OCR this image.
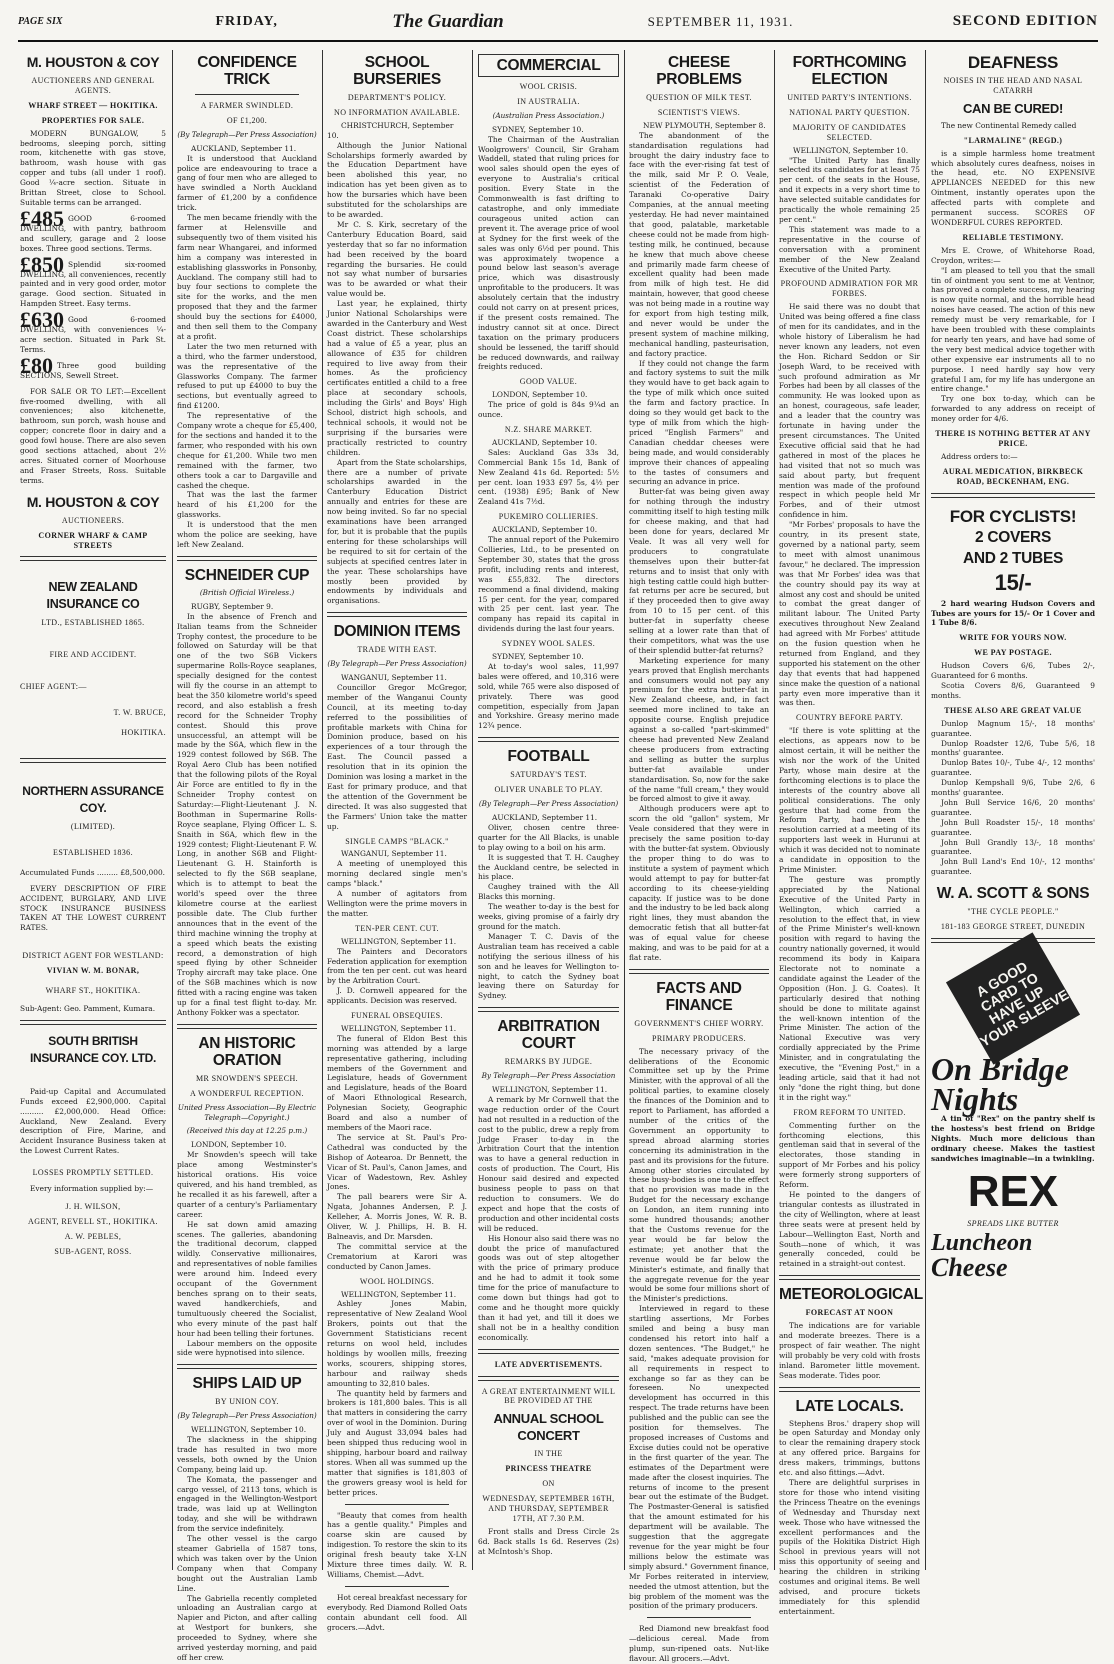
PAGE SIX	FRIDAY,	The Guardian	SEPTEMBER 11, 1931.	SECOND EDITION
M. HOUSTON & COY
AUCTIONEERS AND GENERAL AGENTS.
WHARF STREET — HOKITIKA.
PROPERTIES FOR SALE.

MODERN BUNGALOW, 5 bedrooms, sleeping porch, sitting room, kitchenette with gas stove, bathroom, wash house with gas copper and tubs (all under 1 roof). Good ¼-acre section. Situate in Brittan Street, close to School. Suitable terms can be arranged.

£485 GOOD 6-roomed DWELLING, with pantry, bathroom and scullery, garage and 2 loose boxes. Three good sections. Terms.

£850 Splendid six-roomed DWELLING, all conveniences, recently painted and in very good order, motor garage. Good section. Situated in Hampden Street. Easy terms.

£630 Good 6-roomed DWELLING, with conveniences ¼-acre section. Situated in Park St. Terms.

£80 Three good building SECTIONS, Sewell Street.

FOR SALE OR TO LET:—Excellent five-roomed dwelling, with all conveniences; also kitchenette, bathroom, sun porch, wash house and copper; concrete floor in dairy and a good fowl house. There are also seven good sections attached, about 2½ acres. Situated corner of Moorhouse and Fraser Streets, Ross. Suitable terms.

M. HOUSTON & COY
AUCTIONEERS.
CORNER WHARF & CAMP STREETS
NEW ZEALAND INSURANCE CO
LTD., ESTABLISHED 1865.
FIRE AND ACCIDENT.
CHIEF AGENT:—
T. W. BRUCE,
HOKITIKA.
NORTHERN ASSURANCE COY.
(LIMITED).
ESTABLISHED 1836.

Accumulated Funds ......... £8,500,000.

EVERY DESCRIPTION OF FIRE ACCIDENT, BURGLARY, AND LIVE STOCK INSURANCE BUSINESS TAKEN AT THE LOWEST CURRENT RATES.

DISTRICT AGENT FOR WESTLAND:
VIVIAN W. M. BONAR,
WHARF ST., HOKITIKA.

Sub-Agent: Geo. Pamment, Kumara.

SOUTH BRITISH INSURANCE COY. LTD.

Paid-up Capital and Accumulated Funds exceed £2,900,000. Capital .......... £2,000,000. Head Office: Auckland, New Zealand. Every description of Fire, Marine, and Accident Insurance Business taken at the Lowest Current Rates.

LOSSES PROMPTLY SETTLED.

Every information supplied by:—

J. H. WILSON,
AGENT, REVELL ST., HOKITIKA.
A. W. PEBLES,
SUB-AGENT, ROSS.
CONFIDENCE TRICK
A FARMER SWINDLED.
OF £1,200.
(By Telegraph—Per Press Association)
AUCKLAND, September 11.

It is understood that Auckland police are endeavouring to trace a gang of four men who are alleged to have swindled a North Auckland farmer of £1,200 by a confidence trick.

The men became friendly with the farmer at Helensville and subsequently two of them visited his farm near Whangarei, and informed him a company was interested in establishing glassworks in Ponsonby, Auckland. The company still had to buy four sections to complete the site for the works, and the men proposed that they and the farmer should buy the sections for £4000, and then sell them to the Company at a profit.

Later the two men returned with a third, who the farmer understood, was the representative of the Glassworks Company. The farmer refused to put up £4000 to buy the sections, but eventually agreed to find £1200.

The representative of the Company wrote a cheque for £5,400, for the sections and handed it to the farmer, who responded with his own cheque for £1,200. While two men remained with the farmer, two others took a car to Dargaville and cashed the cheque.

That was the last the farmer heard of his £1,200 for the glassworks.

It is understood that the men whom the police are seeking, have left New Zealand.

SCHNEIDER CUP
(British Official Wireless.)
RUGBY, September 9.

In the absence of French and Italian teams from the Schneider Trophy contest, the procedure to be followed on Saturday will be that one of the two S6B Vickers supermarine Rolls-Royce seaplanes, specially designed for the contest will fly the course in an attempt to beat the 350 kilometre world's speed record, and also establish a fresh record for the Schneider Trophy contest. Should this prove unsuccessful, an attempt will be made by the S6A, which flew in the 1929 contest followed by S6B. The Royal Aero Club has been notified that the following pilots of the Royal Air Force are entitled to fly in the Schneider Trophy contest on Saturday:—Flight-Lieutenant J. N. Boothman in Supermarine Rolls-Royce seaplane, Flying Officer L. S. Snaith in S6A, which flew in the 1929 contest; Flight-Lieutenant F. W. Long, in another S6B and Flight-Lieutenant G. H. Stainforth is selected to fly the S6B seaplane, which is to attempt to beat the world's speed over the three kilometre course at the earliest possible date. The Club further announces that in the event of the third machine winning the trophy at a speed which beats the existing record, a demonstration of high speed flying by other Schneider Trophy aircraft may take place. One of the S6B machines which is now fitted with a racing engine was taken up for a final test flight to-day. Mr. Anthony Fokker was a spectator.

AN HISTORIC ORATION
MR SNOWDEN'S SPEECH.
A WONDERFUL RECEPTION.
United Press Association—By Electric Telegraph—Copyright.)
(Received this day at 12.25 p.m.)
LONDON, September 10.

Mr Snowden's speech will take place among Westminster's historical orations. His voice quivered, and his hand trembled, as he recalled it as his farewell, after a quarter of a century's Parliamentary career.

He sat down amid amazing scenes. The galleries, abandoning the traditional decorum, clapped wildly. Conservative millionaires, and representatives of noble families were around him. Indeed every occupant of the Government benches sprang on to their seats, waved handkerchiefs, and tumultuously cheered the Socialist, who every minute of the past half hour had been telling their fortunes.

Labour members on the opposite side were hypnotised into silence.

SHIPS LAID UP
BY UNION COY.
(By Telegraph—Per Press Association)
WELLINGTON, September 10.

The slackness in the shipping trade has resulted in two more vessels, both owned by the Union Company, being laid up.

The Komata, the passenger and cargo vessel, of 2113 tons, which is engaged in the Wellington-Westport trade, was laid up at Wellington today, and she will be withdrawn from the service indefinitely.

The other vessel is the cargo steamer Gabriella of 1587 tons, which was taken over by the Union Company when that Company bought out the Australian Lamb Line.

The Gabriella recently completed unloading an Australian cargo at Napier and Picton, and after calling at Westport for bunkers, she proceeded to Sydney, where she arrived yesterday morning, and paid off her crew.

SCHOOL BURSERIES
DEPARTMENT'S POLICY.
NO INFORMATION AVAILABLE.
CHRISTCHURCH, September 10.

Although the Junior National Scholarships formerly awarded by the Education Department have been abolished this year, no indication has yet been given as to how the bursaries which have been substituted for the scholarships are to be awarded.

Mr C. S. Kirk, secretary of the Canterbury Education Board, said yesterday that so far no information had been received by the board regarding the bursaries. He could not say what number of bursaries was to be awarded or what their value would be.

Last year, he explained, thirty Junior National Scholarships were awarded in the Canterbury and West Coast district. These scholarships had a value of £5 a year, plus an allowance of £35 for children required to live away from their homes. As the proficiency certificates entitled a child to a free place at secondary schools, including the Girls' and Boys' High School, district high schools, and technical schools, it would not be surprising if the bursaries were practically restricted to country children.

Apart from the State scholarships, there are a number of private scholarships awarded in the Canterbury Education District annually and entries for these are now being invited. So far no special examinations have been arranged for, but it is probable that the pupils entering for these scholarships will be required to sit for certain of the subjects at specified centres later in the year. These scholarships have mostly been provided by endowments by individuals and organisations.

DOMINION ITEMS
TRADE WITH EAST.
(By Telegraph—Per Press Association)
WANGANUI, September 11.

Councillor Gregor McGregor, member of the Wanganui County Council, at its meeting to-day referred to the possibilities of profitable markets with China for Dominion produce, based on his experiences of a tour through the East. The Council passed a resolution that in its opinion the Dominion was losing a market in the East for primary produce, and that the attention of the Government be directed. It was also suggested that the Farmers' Union take the matter up.

SINGLE CAMPS "BLACK."
WANGANUI, September 11.

A meeting of unemployed this morning declared single men's camps "black."

A number of agitators from Wellington were the prime movers in the matter.

TEN-PER CENT. CUT.
WELLINGTON, September 11.

The Painters and Decorators Federation application for exemption from the ten per cent. cut was heard by the Arbitration Court.

J. D. Cornwell appeared for the applicants. Decision was reserved.

FUNERAL OBSEQUIES.
WELLINGTON, September 11.

The funeral of Eldon Best this morning was attended by a large representative gathering, including members of the Government and Legislature, heads of Government and Legislature, heads of the Board of Maori Ethnological Research, Polynesian Society, Geographic Board and also a number of members of the Maori race.

The service at St. Paul's Pro-Cathedral was conducted by the Bishop of Aotearoa. Dr Bennett, the Vicar of St. Paul's, Canon James, and Vicar of Wadestown, Rev. Ashley Jones.

The pall bearers were Sir A. Ngata, Johannes Andersen, P. J. Kelleher, A. Morris Jones, W. R. B. Oliver, W. J. Phillips, H. B. H. Balneavis, and Dr. Marsden.

The committal service at the Crematorium at Karori was conducted by Canon James.

WOOL HOLDINGS.
WELLINGTON, September 11.

Ashley Jones Mabin, representative of New Zealand Wool Brokers, points out that the Government Statisticians recent returns on wool held, includes holdings by woollen mills, freezing works, scourers, shipping stores, harbour and railway sheds amounting to 32,810 bales.

The quantity held by farmers and brokers is 181,800 bales. This is all that matters in considering the carry over of wool in the Dominion. During July and August 33,094 bales had been shipped thus reducing wool in shipping, harbour board and railway stores. When all was summed up the matter that signifies is 181,803 of the growers greasy wool is held for better prices.

"Beauty that comes from health has a gentle quality." Pimples and coarse skin are caused by indigestion. To restore the skin to its original fresh beauty take X-LN Mixture three times daily. W. R. Williams, Chemist.—Advt.

Hot cereal breakfast necessary for everybody. Red Diamond Rolled Oats contain abundant cell food. All grocers.—Advt.

COMMERCIAL
WOOL CRISIS.
IN AUSTRALIA.
(Australian Press Association.)
SYDNEY, September 10.

The Chairman of the Australian Woolgrowers' Council, Sir Graham Waddell, stated that ruling prices for wool sales should open the eyes of everyone to Australia's critical position. Every State in the Commonwealth is fast drifting to catastrophe, and only immediate courageous united action can prevent it. The average price of wool at Sydney for the first week of the sales was only 6½d per pound. This was approximately twopence a pound below last season's average price, which was disastrously unprofitable to the producers. It was absolutely certain that the industry could not carry on at present prices, if the present costs remained. The industry cannot sit at once. Direct taxation on the primary producers should be lessened, the tariff should be reduced downwards, and railway freights reduced.

GOOD VALUE.
LONDON, September 10.

The price of gold is 84s 9¼d an ounce.

N.Z. SHARE MARKET.
AUCKLAND, September 10.

Sales: Auckland Gas 33s 3d, Commercial Bank 15s 1d, Bank of New Zealand 41s 6d. Reported: 5½ per cent. loan 1933 £97 5s, 4½ per cent. (1938) £95; Bank of New Zealand 41s 7½d.

PUKEMIRO COLLIERIES.
AUCKLAND, September 10.

The annual report of the Pukemiro Collieries, Ltd., to be presented on September 30, states that the gross profit, including rents and interest, was £55,832. The directors recommend a final dividend, making 15 per cent. for the year, compared with 25 per cent. last year. The company has repaid its capital in dividends during the last four years.

SYDNEY WOOL SALES.
SYDNEY, September 10.

At to-day's wool sales, 11,997 bales were offered, and 10,316 were sold, while 765 were also disposed of privately. There was good competition, especially from Japan and Yorkshire. Greasy merino made 12¾ pence.

FOOTBALL
SATURDAY'S TEST.
OLIVER UNABLE TO PLAY.
(By Telegraph—Per Press Association)
AUCKLAND, September 11.

Oliver, chosen centre three-quarter for the All Blacks, is unable to play owing to a boil on his arm.

It is suggested that T. H. Caughey the Auckland centre, be selected in his place.

Caughey trained with the All Blacks this morning.

The weather to-day is the best for weeks, giving promise of a fairly dry ground for the match.

Manager T. C. Davis of the Australian team has received a cable notifying the serious illness of his son and he leaves for Wellington to-night, to catch the Sydney boat leaving there on Saturday for Sydney.

ARBITRATION COURT
REMARKS BY JUDGE.
By Telegraph—Per Press Association
WELLINGTON, September 11.

A remark by Mr Cornwell that the wage reduction order of the Court had not resulted in a reduction of the cost to the public, drew a reply from Judge Fraser to-day in the Arbitration Court that the intention was to have a general reduction in costs of production. The Court, His Honour said desired and expected business people to pass on that reduction to consumers. We do expect and hope that the costs of production and other incidental costs will be reduced.

His Honour also said there was no doubt the price of manufactured goods was out of step altogether with the price of primary produce and he had to admit it took some time for the price of manufacture to come down but things had got to come and he thought more quickly than it had yet, and till it does we shall not be in a healthy condition economically.

LATE ADVERTISEMENTS.
A GREAT ENTERTAINMENT WILL BE PROVIDED AT THE
ANNUAL SCHOOL CONCERT
IN THE
PRINCESS THEATRE
ON
WEDNESDAY, SEPTEMBER 16TH, AND THURSDAY, SEPTEMBER 17TH, AT 7.30 P.M.

Front stalls and Dress Circle 2s 6d. Back stalls 1s 6d. Reserves (2s) at McIntosh's Shop.

CHEESE PROBLEMS
QUESTION OF MILK TEST.
SCIENTIST'S VIEWS.
NEW PLYMOUTH, September 8.

The abandonment of the standardisation regulations had brought the dairy industry face to face with the ever-rising fat test of the milk, said Mr P. O. Veale, scientist of the Federation of Taranaki Co-operative Dairy Companies, at the annual meeting yesterday. He had never maintained that good, palatable, marketable cheese could not be made from high-testing milk, he continued, because he knew that much above cheese and primarily made farm cheese of excellent quality had been made from milk of high test. He did maintain, however, that good cheese was not being made in a routine way for export from high testing milk, and never would be under the present system of machine milking, mechanical handling, pasteurisation, and factory practice.

If they could not change the farm and factory systems to suit the milk they would have to get back again to the type of milk which once suited the farm and factory practice. In doing so they would get back to the type of milk from which the high-priced "English Farmers" and Canadian cheddar cheeses were being made, and would considerably improve their chances of appealing to the tastes of consumers and securing an advance in price.

Butter-fat was being given away for nothing through the industry committing itself to high testing milk for cheese making, and that had been done for years, declared Mr Veale. It was all very well for producers to congratulate themselves upon their butter-fat returns and to insist that only with high testing cattle could high butter-fat returns per acre be secured, but if they proceeded then to give away from 10 to 15 per cent. of this butter-fat in superfatty cheese selling at a lower rate than that of their competitors, what was the use of their splendid butter-fat returns?

Marketing experience for many years proved that English merchants and consumers would not pay any premium for the extra butter-fat in New Zealand cheese, and, in fact seemed more inclined to take an opposite course. English prejudice against a so-called "part-skimmed" cheese had prevented New Zealand cheese producers from extracting and selling as butter the surplus butter-fat available under standardisation. So, now for the sake of the name "full cream," they would be forced almost to give it away.

Although producers were apt to scorn the old "gallon" system, Mr Veale considered that they were in precisely the same position to-day with the butter-fat system. Obviously the proper thing to do was to institute a system of payment which would attempt to pay for butter-fat according to its cheese-yielding capacity. If justice was to be done and the industry to be led back along right lines, they must abandon the democratic fetish that all butter-fat was of equal value for cheese making, and was to be paid for at a flat rate.

FACTS AND FINANCE
GOVERNMENT'S CHIEF WORRY.
PRIMARY PRODUCERS.

The necessary privacy of the deliberations of the Economic Committee set up by the Prime Minister, with the approval of all the political parties, to examine closely the finances of the Dominion and to report to Parliament, has afforded a number of the critics of the Government an opportunity to spread abroad alarming stories concerning its administration in the past and its provisions for the future. Among other stories circulated by these busy-bodies is one to the effect that no provision was made in the Budget for the necessary exchange on London, an item running into some hundred thousands; another that the Customs revenue for the year would be far below the estimate; yet another that the revenue would be far below the Minister's estimate, and finally that the aggregate revenue for the year would be some four millions short of the Minister's predictions.

Interviewed in regard to these startling assertions, Mr Forbes smiled and being a busy man condensed his retort into half a dozen sentences. "The Budget," he said, "makes adequate provision for all requirements in respect to exchange so far as they can be foreseen. No unexpected development has occurred in this respect. The trade returns have been published and the public can see the position for themselves. The proposed increases of Customs and Excise duties could not be operative in the first quarter of the year. The estimates of the Department were made after the closest inquiries. The returns of income to the present bear out the estimate of the Budget. The Postmaster-General is satisfied that the amount estimated for his department will be available. The suggestion that the aggregate revenue for the year might be four millions below the estimate was simply absurd." Government finance, Mr Forbes reiterated in interview, needed the utmost attention, but the big problem of the moment was the position of the primary producers.

Red Diamond new breakfast food—delicious cereal. Made from plump, sun-ripened oats. Nut-like flavour. All grocers.—Advt.

FORTHCOMING ELECTION
UNITED PARTY'S INTENTIONS.
NATIONAL PARTY QUESTION.
MAJORITY OF CANDIDATES SELECTED.
WELLINGTON, September 10.

"The United Party has finally selected its candidates for at least 75 per cent. of the seats in the House, and it expects in a very short time to have selected suitable candidates for practically the whole remaining 25 per cent."

This statement was made to a representative in the course of conversation with a prominent member of the New Zealand Executive of the United Party.

PROFOUND ADMIRATION FOR MR FORBES.

He said there was no doubt that United was being offered a fine class of men for its candidates, and in the whole history of Liberalism he had never known any leaders, not even the Hon. Richard Seddon or Sir Joseph Ward, to be received with such profound admiration as Mr Forbes had been by all classes of the community. He was looked upon as an honest, courageous, safe leader, and a leader that the country was fortunate in having under the present circumstances. The United Executive official said that he had gathered in most of the places he had visited that not so much was said about party, but frequent mention was made of the profound respect in which people held Mr Forbes, and of their utmost confidence in him.

"Mr Forbes' proposals to have the country, in its present state, governed by a national party, seem to meet with almost unanimous favour," he declared. The impression was that Mr Forbes' idea was that the country should pay its way at almost any cost and should be united to combat the great danger of militant labour. The United Party executives throughout New Zealand had agreed with Mr Forbes' attitude on the fusion question when he returned from England, and they supported his statement on the other day that events that had happened since make the question of a national party even more imperative than it was then.

COUNTRY BEFORE PARTY.

"If there is vote splitting at the elections, as appears now to be almost certain, it will be neither the wish nor the work of the United Party, whose main desire at the forthcoming elections is to place the interests of the country above all political considerations. The only gesture that had come from the Reform Party, had been the resolution carried at a meeting of its supporters last week in Hurunui at which it was decided not to nominate a candidate in opposition to the Prime Minister.

The gesture was promptly appreciated by the National Executive of the United Party in Wellington, which carried a resolution to the effect that, in view of the Prime Minister's well-known position with regard to having the country nationally governed, it would recommend its body in Kaipara Electorate not to nominate a candidate against the Leader of the Opposition (Hon. J. G. Coates). It particularly desired that nothing should be done to militate against the well-known intention of the Prime Minister. The action of the National Executive was very cordially appreciated by the Prime Minister, and in congratulating the executive, the "Evening Post," in a leading article, said that it had not only "done the right thing, but done it in the right way."

FROM REFORM TO UNITED.

Commenting further on the forthcoming elections, this gentleman said that in several of the electorates, those standing in support of Mr Forbes and his policy were formerly strong supporters of Reform.

He pointed to the dangers of triangular contests as illustrated in the city of Wellington, where at least three seats were at present held by Labour—Wellington East, North and South—none of which, it was generally conceded, could be retained in a straight-out contest.

METEOROLOGICAL
FORECAST AT NOON

The indications are for variable and moderate breezes. There is a prospect of fair weather. The night will probably be very cold with frosts inland. Barometer little movement. Seas moderate. Tides poor.

LATE LOCALS.

Stephens Bros.' drapery shop will be open Saturday and Monday only to clear the remaining drapery stock at any offered price. Bargains for dress makers, trimmings, buttons etc. and also fittings.—Advt.

There are delightful surprises in store for those who intend visiting the Princess Theatre on the evenings of Wednesday and Thursday next week. Those who have witnessed the excellent performances and the pupils of the Hokitika District High School in previous years will not miss this opportunity of seeing and hearing the children in striking costumes and original items. Be well advised, and procure tickets immediately for this splendid entertainment.

DEAFNESS
NOISES IN THE HEAD AND NASAL CATARRH
CAN BE CURED!

The new Continental Remedy called

"LARMALINE" (REGD.)

is a simple harmless home treatment which absolutely cures deafness, noises in the head, etc. NO EXPENSIVE APPLIANCES NEEDED for this new Ointment, instantly operates upon the affected parts with complete and permanent success. SCORES OF WONDERFUL CURES REPORTED.

RELIABLE TESTIMONY.

Mrs E. Crowe, of Whitehorse Road, Croydon, writes:—

"I am pleased to tell you that the small tin of ointment you sent to me at Ventnor, has proved a complete success, my hearing is now quite normal, and the horrible head noises have ceased. The action of this new remedy must be very remarkable, for I have been troubled with these complaints for nearly ten years, and have had some of the very best medical advice together with other expensive ear instruments all to no purpose. I need hardly say how very grateful I am, for my life has undergone an entire change."

Try one box to-day, which can be forwarded to any address on receipt of money order for 4/6.

THERE IS NOTHING BETTER AT ANY PRICE.

Address orders to:—

AURAL MEDICATION, BIRKBECK ROAD, BECKENHAM, ENG.
FOR CYCLISTS!
2 COVERS
AND 2 TUBES
15/-

2 hard wearing Hudson Covers and Tubes are yours for 15/- Or 1 Cover and 1 Tube 8/6.

WRITE FOR YOURS NOW.
WE PAY POSTAGE.

Hudson Covers 6/6, Tubes 2/-, Guaranteed for 6 months.

Scotia Covers 8/6, Guaranteed 9 months.

THESE ALSO ARE GREAT VALUE

Dunlop Magnum 15/-, 18 months' guarantee.

Dunlop Roadster 12/6, Tube 5/6, 18 months' guarantee.

Dunlop Bates 10/-, Tube 4/-, 12 months' guarantee.

Dunlop Kempshall 9/6, Tube 2/6, 6 months' guarantee.

John Bull Service 16/6, 20 months' guarantee.

John Bull Roadster 15/-, 18 months' guarantee.

John Bull Grandly 13/-, 18 months' guarantee.

John Bull Land's End 10/-, 12 months' guarantee.

W. A. SCOTT & SONS
"THE CYCLE PEOPLE."
181-183 GEORGE STREET, DUNEDIN
A GOOD CARD TO HAVE UP YOUR SLEEVE
On Bridge
Nights

A tin of "Rex" on the pantry shelf is the hostess's best friend on Bridge Nights. Much more delicious than ordinary cheese. Makes the tastiest sandwiches imaginable—in a twinkling.

REX
SPREADS LIKE BUTTER
Luncheon
Cheese
